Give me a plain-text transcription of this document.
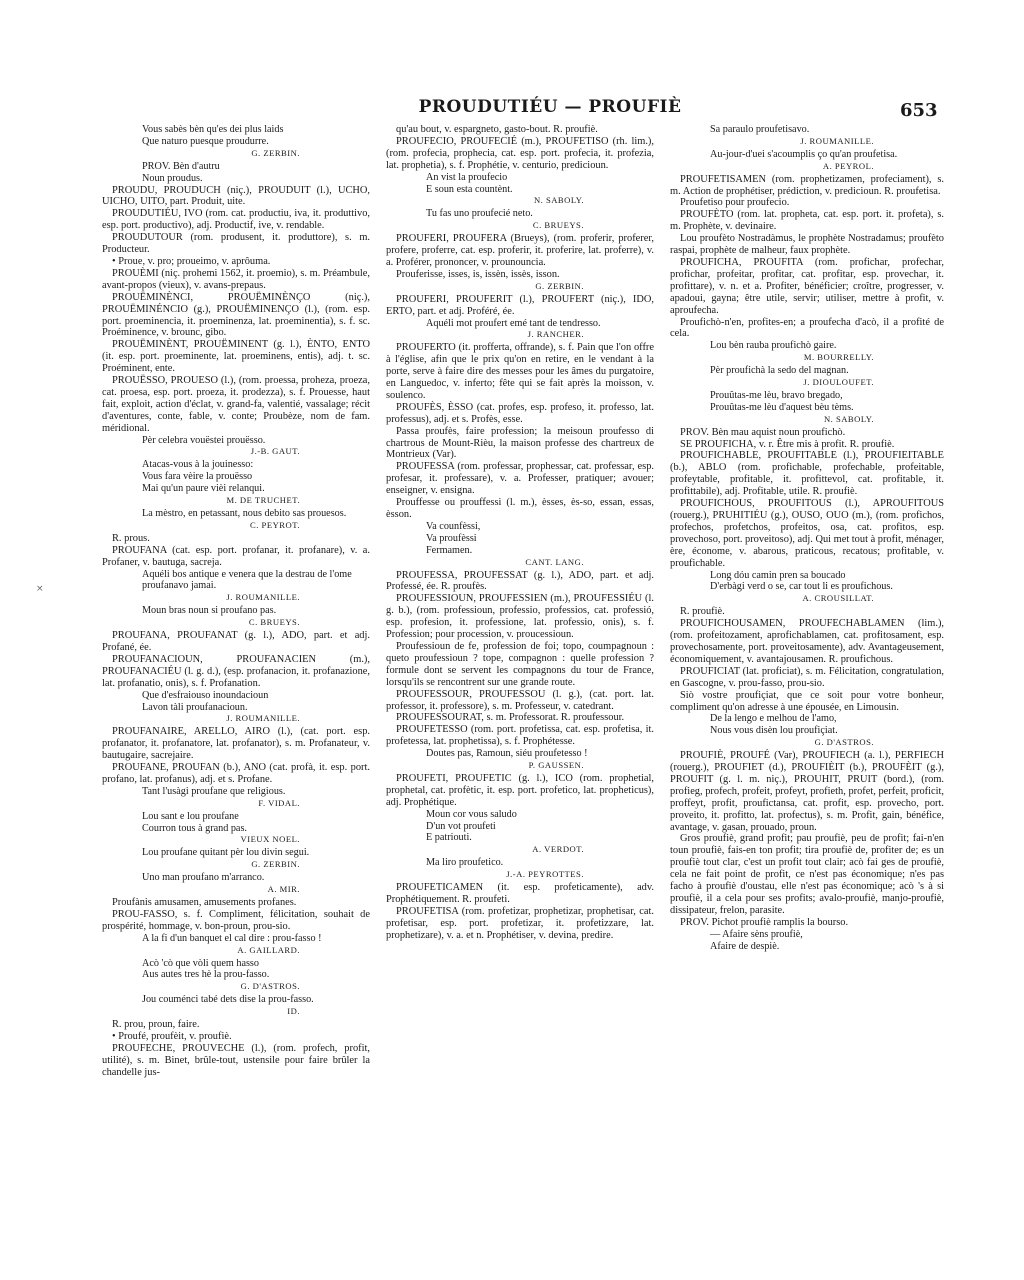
PROUDUTIÉU — PROUFIÈ	653
×
Vous sabès bèn qu'es dei plus laids
Que naturo puesque proudurre.
G. ZERBIN.
PROV. Bèn d'autru
Noun proudus.
PROUDU, PROUDUCH (niç.), PROUDUIT (l.), UCHO, UICHO, UITO, part. Produit, uite.
PROUDUTIÉU, IVO (rom. cat. productiu, iva, it. produttivo, esp. port. productivo), adj. Productif, ive, v. rendable.
PROUDUTOUR (rom. produsent, it. produttore), s. m. Producteur.
• Proue, v. pro; proueimo, v. aprôuma.
PROUÈMI (niç. prohemi 1562, it. proemio), s. m. Préambule, avant-propos (vieux), v. avans-prepaus.
PROUËMINÈNCI, PROUËMINÈNÇO (niç.), PROUËMINÉNCIO (g.), PROUËMINENÇO (l.), (rom. esp. port. proeminencia, it. proeminenza, lat. proeminentia), s. f. sc. Proéminence, v. brounc, gibo.
PROUËMINÈNT, PROUËMINENT (g. l.), ÈNTO, ENTO (it. esp. port. proeminente, lat. proeminens, entis), adj. t. sc. Proéminent, ente.
PROUËSSO, PROUESO (l.), (rom. proessa, proheza, proeza, cat. proesa, esp. port. proeza, it. prodezza), s. f. Prouesse, haut fait, exploit, action d'éclat, v. grand-fa, valentié, vassalage; récit d'aventures, conte, fable, v. conte; Proubèze, nom de fam. méridional.
Pèr celebra vouëstei prouësso.
J.-B. GAUT.
Atacas-vous à la jouinesso:
Vous fara vèire la prouësso
Mai qu'un paure vièi relanqui.
M. DE TRUCHET.
La mèstro, en petassant, nous debito sas prouesos.
C. PEYROT.
R. prous.
PROUFANA (cat. esp. port. profanar, it. profanare), v. a. Profaner, v. bautuga, sacreja.
Aquéli bos antique e venera que la destrau de l'ome proufanavo jamai.
J. ROUMANILLE.
Moun bras noun si proufano pas.
C. BRUEYS.
PROUFANA, PROUFANAT (g. l.), ADO, part. et adj. Profané, ée.
PROUFANACIOUN, PROUFANACIEN (m.), PROUFANACIÉU (l. g. d.), (esp. profanacion, it. profanazione, lat. profanatio, onis), s. f. Profanation.
Que d'esfraiouso inoundacioun
Lavon tàli proufanacioun.
J. ROUMANILLE.
PROUFANAIRE, ARELLO, AIRO (l.), (cat. port. esp. profanator, it. profanatore, lat. profanator), s. m. Profanateur, v. bautugaire, sacrejaire.
PROUFANE, PROUFAN (b.), ANO (cat. profà, it. esp. port. profano, lat. profanus), adj. et s. Profane.
Tant l'usàgi proufane que religious.
F. VIDAL.
Lou sant e lou proufane
Courron tous à grand pas.
VIEUX NOEL.
Lou proufane quitant pèr lou divin segui.
G. ZERBIN.
Uno man proufano m'arranco.
A. MIR.
Proufànis amusamen, amusements profanes.
PROU-FASSO, s. f. Compliment, félicitation, souhait de prospérité, hommage, v. bon-proun, prou-sio.
A la fi d'un banquet el cal dire : prou-fasso !
A. GAILLARD.
Acò 'cò que vòli quem hasso
Aus autes tres hè la prou-fasso.
G. D'ASTROS.
Jou couménci tabé dets dise la prou-fasso.
ID.
R. prou, proun, faire.
• Proufé, proufèit, v. proufiè.
PROUFECHE, PROUVECHE (l.), (rom. profech, profit, utilité), s. m. Binet, brûle-tout, ustensile pour faire brûler la chandelle jus-
qu'au bout, v. espargneto, gasto-bout. R. proufiè.
PROUFECIO, PROUFECIÉ (m.), PROUFETISO (rh. lim.), (rom. profecia, prophecia, cat. esp. port. profecia, it. profezia, lat. prophetia), s. f. Prophétie, v. centurio, predicioun.
An vist la proufecio
E soun esta countènt.
N. SABOLY.
Tu fas uno proufecié neto.
C. BRUEYS.
PROUFERI, PROUFERA (Brueys), (rom. proferir, proferer, profere, proferre, cat. esp. proferir, it. proferire, lat. proferre), v. a. Proférer, prononcer, v. prounouncia.
Prouferisse, isses, is, issèn, issès, isson.
G. ZERBIN.
PROUFERI, PROUFERIT (l.), PROUFERT (niç.), IDO, ERTO, part. et adj. Proféré, ée.
Aquéli mot proufert emé tant de tendresso.
J. RANCHER.
PROUFERTO (it. profferta, offrande), s. f. Pain que l'on offre à l'église, afin que le prix qu'on en retire, en le vendant à la porte, serve à faire dire des messes pour les âmes du purgatoire, en Languedoc, v. inferto; fête qui se fait après la moisson, v. soulenco.
PROUFÈS, ÈSSO (cat. profes, esp. profeso, it. professo, lat. professus), adj. et s. Profès, esse.
Passa proufès, faire profession; la meisoun proufesso di chartrous de Mount-Rièu, la maison professe des chartreux de Montrieux (Var).
PROUFESSA (rom. professar, prophessar, cat. professar, esp. profesar, it. professare), v. a. Professer, pratiquer; avouer; enseigner, v. ensigna.
Prouffesse ou prouffessi (l. m.), èsses, ès-so, essan, essas, èsson.
Va counfèssi,
Va proufèssi
Fermamen.
CANT. LANG.
PROUFESSA, PROUFESSAT (g. l.), ADO, part. et adj. Professé, ée. R. proufès.
PROUFESSIOUN, PROUFESSIEN (m.), PROUFESSIÉU (l. g. b.), (rom. professioun, professio, professios, cat. professió, esp. profesion, it. professione, lat. professio, onis), s. f. Profession; pour procession, v. proucessioun.
Proufessioun de fe, profession de foi; topo, coumpagnoun : queto proufessioun ? tope, compagnon : quelle profession ? formule dont se servent les compagnons du tour de France, lorsqu'ils se rencontrent sur une grande route.
PROUFESSOUR, PROUFESSOU (l. g.), (cat. port. lat. professor, it. professore), s. m. Professeur, v. catedrant.
PROUFESSOURAT, s. m. Professorat. R. proufessour.
PROUFETESSO (rom. port. profetissa, cat. esp. profetisa, it. profetessa, lat. prophetissa), s. f. Prophétesse.
Doutes pas, Ramoun, siéu proufetesso !
P. GAUSSEN.
PROUFETI, PROUFETIC (g. l.), ICO (rom. prophetial, prophetal, cat. profètic, it. esp. port. profetico, lat. propheticus), adj. Prophétique.
Moun cor vous saludo
D'un vot proufeti
E patriouti.
A. VERDOT.
Ma liro proufetico.
J.-A. PEYROTTES.
PROUFETICAMEN (it. esp. profeticamente), adv. Prophétiquement. R. proufeti.
PROUFETISA (rom. profetizar, prophetizar, prophetisar, cat. profetisar, esp. port. profetizar, it. profetizzare, lat. prophetizare), v. a. et n. Prophétiser, v. devina, predire.
Sa paraulo proufetisavo.
J. ROUMANILLE.
Au-jour-d'uei s'acoumplis ço qu'an proufetisa.
A. PEYROL.
PROUFETISAMEN (rom. prophetizamen, profeciament), s. m. Action de prophétiser, prédiction, v. predicioun. R. proufetisa.
Proufetiso pour proufecio.
PROUFÈTO (rom. lat. propheta, cat. esp. port. it. profeta), s. m. Prophète, v. devinaire.
Lou proufèto Nostradàmus, le prophète Nostradamus; proufèto raspai, prophète de malheur, faux prophète.
PROUFICHA, PROUFITA (rom. profichar, profechar, profichar, profeitar, profitar, cat. profitar, esp. provechar, it. profittare), v. n. et a. Profiter, bénéficier; croître, progresser, v. apadoui, gayna; être utile, servir; utiliser, mettre à profit, v. aproufecha.
Proufichò-n'en, profites-en; a proufecha d'acò, il a profité de cela.
Lou bèn rauba proufichò gaire.
M. BOURRELLY.
Pèr proufichà la sedo del magnan.
J. DIOULOUFET.
Prouûtas-me lèu, bravo bregado,
Prouûtas-me lèu d'aquest bèu tèms.
N. SABOLY.
PROV. Bèn mau aquist noun proufichò.
SE PROUFICHA, v. r. Être mis à profit. R. proufiè.
PROUFICHABLE, PROUFITABLE (l.), PROUFIEITABLE (b.), ABLO (rom. profichable, profechable, profeitable, profeytable, profitable, it. profittevol, cat. profitable, it. profittabile), adj. Profitable, utile. R. proufiè.
PROUFICHOUS, PROUFITOUS (l.), APROUFITOUS (rouerg.), PRUHITIÉU (g.), OUSO, OUO (m.), (rom. profichos, profechos, profetchos, profeitos, osa, cat. profitos, esp. provechoso, port. proveitoso), adj. Qui met tout à profit, ménager, ère, économe, v. abarous, praticous, recatous; profitable, v. proufichable.
Long dóu camin pren sa boucado
D'erbàgi verd o se, car tout li es proufichous.
A. CROUSILLAT.
R. proufiè.
PROUFICHOUSAMEN, PROUFECHABLAMEN (lim.), (rom. profeitozament, aprofichablamen, cat. profitosament, esp. provechosamente, port. proveitosamente), adv. Avantageusement, économiquement, v. avantajousamen. R. proufichous.
PROUFICIAT (lat. proficiat), s. m. Félicitation, congratulation, en Gascogne, v. prou-fasso, prou-sio.
Siò vostre proufiçiat, que ce soit pour votre bonheur, compliment qu'on adresse à une épousée, en Limousin.
De la lengo e melhou de l'amo,
Nous vous disèn lou proufiçiat.
G. D'ASTROS.
PROUFIÈ, PROUFÉ (Var), PROUFIECH (a. l.), PERFIECH (rouerg.), PROUFIET (d.), PROUFIÈIT (b.), PROUFÈIT (g.), PROUFIT (g. l. m. niç.), PROUHIT, PRUIT (bord.), (rom. profieg, profech, profeit, profeyt, profieth, profet, perfeit, proficit, proffeyt, profit, proufictansa, cat. profit, esp. provecho, port. proveito, it. profitto, lat. profectus), s. m. Profit, gain, bénéfice, avantage, v. gasan, prouado, proun.
Gros proufiè, grand profit; pau proufiè, peu de profit; fai-n'en toun proufiè, fais-en ton profit; tira proufiè de, profiter de; es un proufiè tout clar, c'est un profit tout clair; acò fai ges de proufiè, cela ne fait point de profit, ce n'est pas économique; n'es pas facho à proufiè d'oustau, elle n'est pas économique; acò 's à si proufiè, il a cela pour ses profits; avalo-proufiè, manjo-proufiè, dissipateur, frelon, parasite.
PROV. Pichot proufiè ramplis la bourso.
— Afaire sèns proufiè,
Afaire de despiè.
